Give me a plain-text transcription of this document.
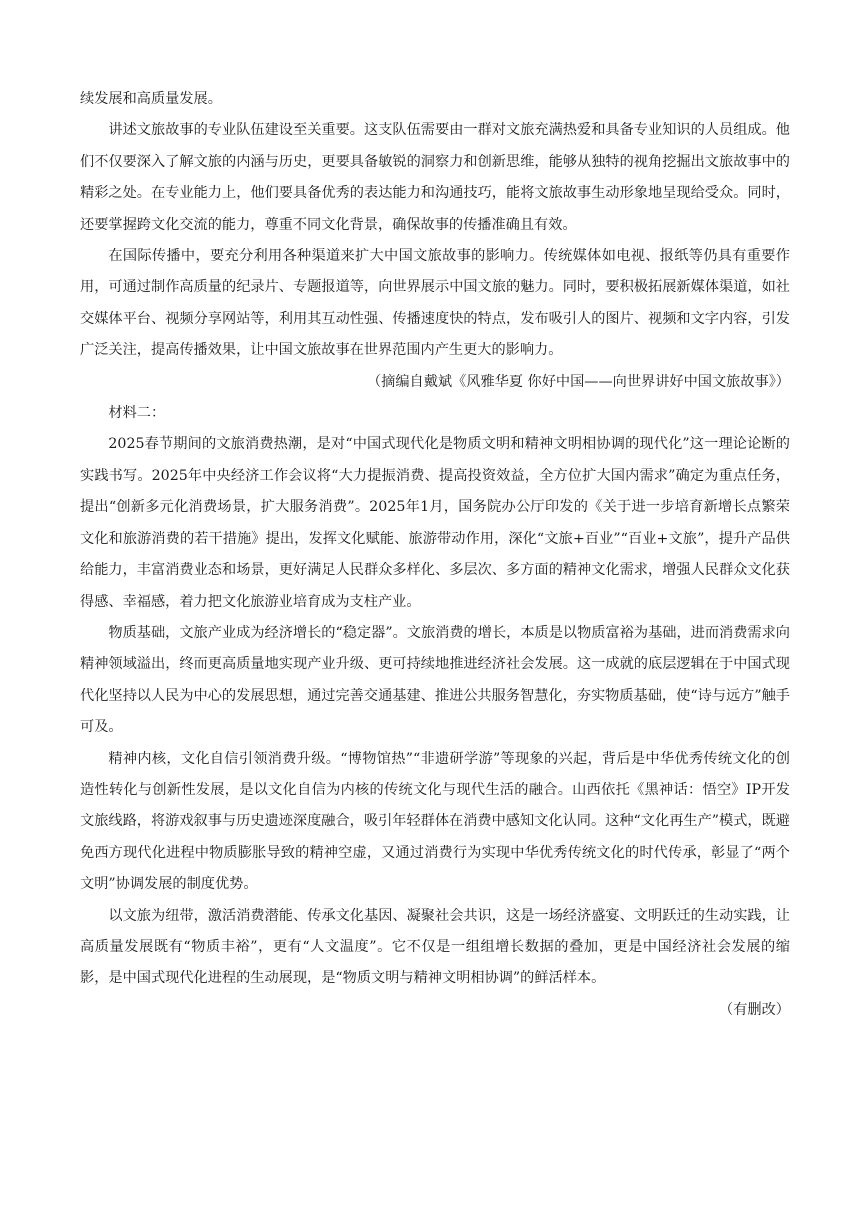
续发展和高质量发展。

讲述文旅故事的专业队伍建设至关重要。这支队伍需要由一群对文旅充满热爱和具备专业知识的人员组成。他们不仅要深入了解文旅的内涵与历史，更要具备敏锐的洞察力和创新思维，能够从独特的视角挖掘出文旅故事中的精彩之处。在专业能力上，他们要具备优秀的表达能力和沟通技巧，能将文旅故事生动形象地呈现给受众。同时，还要掌握跨文化交流的能力，尊重不同文化背景，确保故事的传播准确且有效。

在国际传播中，要充分利用各种渠道来扩大中国文旅故事的影响力。传统媒体如电视、报纸等仍具有重要作用，可通过制作高质量的纪录片、专题报道等，向世界展示中国文旅的魅力。同时，要积极拓展新媒体渠道，如社交媒体平台、视频分享网站等，利用其互动性强、传播速度快的特点，发布吸引人的图片、视频和文字内容，引发广泛关注，提高传播效果，让中国文旅故事在世界范围内产生更大的影响力。

（摘编自戴斌《风雅华夏 你好中国——向世界讲好中国文旅故事》）

材料二：

2025春节期间的文旅消费热潮，是对“中国式现代化是物质文明和精神文明相协调的现代化”这一理论论断的实践书写。2025年中央经济工作会议将“大力提振消费、提高投资效益，全方位扩大国内需求”确定为重点任务，提出“创新多元化消费场景，扩大服务消费”。2025年1月，国务院办公厅印发的《关于进一步培育新增长点繁荣文化和旅游消费的若干措施》提出，发挥文化赋能、旅游带动作用，深化“文旅+百业”“百业+文旅”，提升产品供给能力，丰富消费业态和场景，更好满足人民群众多样化、多层次、多方面的精神文化需求，增强人民群众文化获得感、幸福感，着力把文化旅游业培育成为支柱产业。

物质基础，文旅产业成为经济增长的“稳定器”。文旅消费的增长，本质是以物质富裕为基础，进而消费需求向精神领域溢出，终而更高质量地实现产业升级、更可持续地推进经济社会发展。这一成就的底层逻辑在于中国式现代化坚持以人民为中心的发展思想，通过完善交通基建、推进公共服务智慧化，夯实物质基础，使“诗与远方”触手可及。

精神内核，文化自信引领消费升级。“博物馆热”“非遗研学游”等现象的兴起，背后是中华优秀传统文化的创造性转化与创新性发展，是以文化自信为内核的传统文化与现代生活的融合。山西依托《黑神话：悟空》IP开发文旅线路，将游戏叙事与历史遗迹深度融合，吸引年轻群体在消费中感知文化认同。这种“文化再生产”模式，既避免西方现代化进程中物质膨胀导致的精神空虚，又通过消费行为实现中华优秀传统文化的时代传承，彰显了“两个文明”协调发展的制度优势。

以文旅为纽带，激活消费潜能、传承文化基因、凝聚社会共识，这是一场经济盛宴、文明跃迁的生动实践，让高质量发展既有“物质丰裕”，更有“人文温度”。它不仅是一组组增长数据的叠加，更是中国经济社会发展的缩影，是中国式现代化进程的生动展现，是“物质文明与精神文明相协调”的鲜活样本。

（有删改）
